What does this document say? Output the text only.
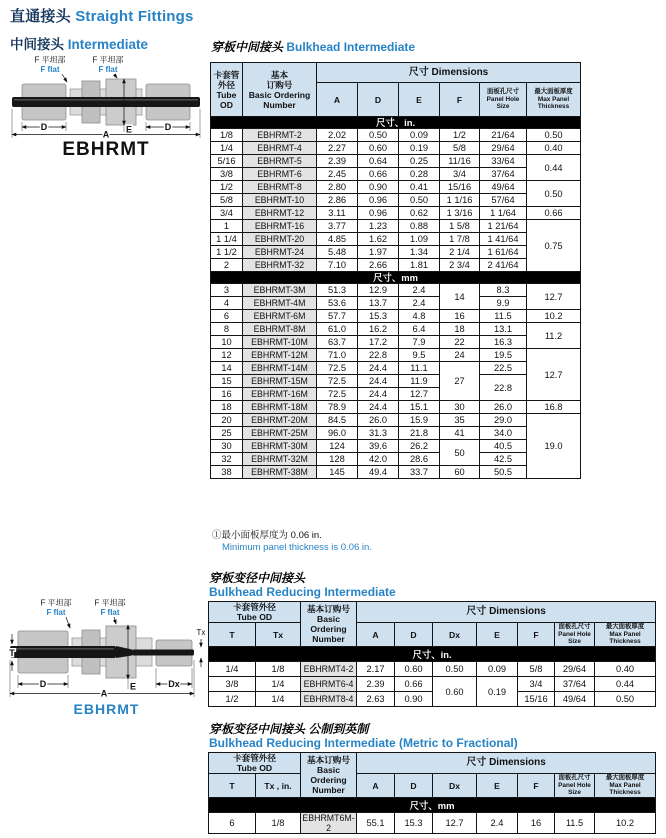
直通接头 Straight Fittings
中间接头 Intermediate	穿板中间接头 Bulkhead Intermediate
F 平坦部
F flat
F 平坦部
F flat
D	D
E
A
EBHRMT
卡套管
外径
Tube
OD	基本
订购号
Basic Ordering
Number	尺寸 Dimensions					
		A	D	E	F	面板孔尺寸
Panel Hole
Size	最大面板厚度
Max Panel
Thickness
尺寸、in.							
1/8	EBHRMT-2	2.02	0.50	0.09	1/2	21/64	0.50
1/4	EBHRMT-4	2.27	0.60	0.19	5/8	29/64	0.40
5/16	EBHRMT-5	2.39	0.64	0.25	11/16	33/64	0.44
3/8	EBHRMT-6	2.45	0.66	0.28	3/4	37/64	
1/2	EBHRMT-8	2.80	0.90	0.41	15/16	49/64	0.50
5/8	EBHRMT-10	2.86	0.96	0.50	1 1/16	57/64	
3/4	EBHRMT-12	3.11	0.96	0.62	1 3/16	1 1/64	0.66
1	EBHRMT-16	3.77	1.23	0.88	1 5/8	1 21/64	0.75
1 1/4	EBHRMT-20	4.85	1.62	1.09	1 7/8	1 41/64	
1 1/2	EBHRMT-24	5.48	1.97	1.34	2 1/4	1 61/64	
2	EBHRMT-32	7.10	2.66	1.81	2 3/4	2 41/64	
尺寸、mm							
3	EBHRMT-3M	51.3	12.9	2.4	14	8.3	12.7
4	EBHRMT-4M	53.6	13.7	2.4		9.9	
6	EBHRMT-6M	57.7	15.3	4.8	16	11.5	10.2
8	EBHRMT-8M	61.0	16.2	6.4	18	13.1	11.2
10	EBHRMT-10M	63.7	17.2	7.9	22	16.3	
12	EBHRMT-12M	71.0	22.8	9.5	24	19.5	12.7
14	EBHRMT-14M	72.5	24.4	11.1	27	22.5	
15	EBHRMT-15M	72.5	24.4	11.9		22.8	
16	EBHRMT-16M	72.5	24.4	12.7			
18	EBHRMT-18M	78.9	24.4	15.1	30	26.0	16.8
20	EBHRMT-20M	84.5	26.0	15.9	35	29.0	19.0
25	EBHRMT-25M	96.0	31.3	21.8	41	34.0	
30	EBHRMT-30M	124	39.6	26.2	50	40.5	
32	EBHRMT-32M	128	42.0	28.6		42.5	
38	EBHRMT-38M	145	49.4	33.7	60	50.5	
①最小面板厚度为 0.06 in.
Minimum panel thickness is 0.06 in.
穿板变径中间接头
Bulkhead Reducing Intermediate
F 平坦部
F flat
F 平坦部
F flat
T
Tx
D	Dx
E
A
EBHRMT
卡套管外径
Tube OD		基本订购号
Basic Ordering
Number	尺寸 Dimensions						
T	Tx		A	D	Dx	E	F	面板孔尺寸
Panel Hole
Size	最大面板厚度
Max Panel
Thickness
尺寸、in.									
1/4	1/8	EBHRMT4-2	2.17	0.60	0.50	0.09	5/8	29/64	0.40
3/8	1/4	EBHRMT6-4	2.39	0.66	0.60	0.19	3/4	37/64	0.44
1/2	1/4	EBHRMT8-4	2.63	0.90			15/16	49/64	0.50
穿板变径中间接头 公制到英制
Bulkhead Reducing Intermediate (Metric to Fractional)
卡套管外径
Tube OD		基本订购号
Basic Ordering
Number	尺寸 Dimensions						
T	Tx , in.		A	D	Dx	E	F	面板孔尺寸
Panel Hole
Size	最大面板厚度
Max Panel
Thickness
尺寸、mm									
6	1/8	EBHRMT6M-2	55.1	15.3	12.7	2.4	16	11.5	10.2
